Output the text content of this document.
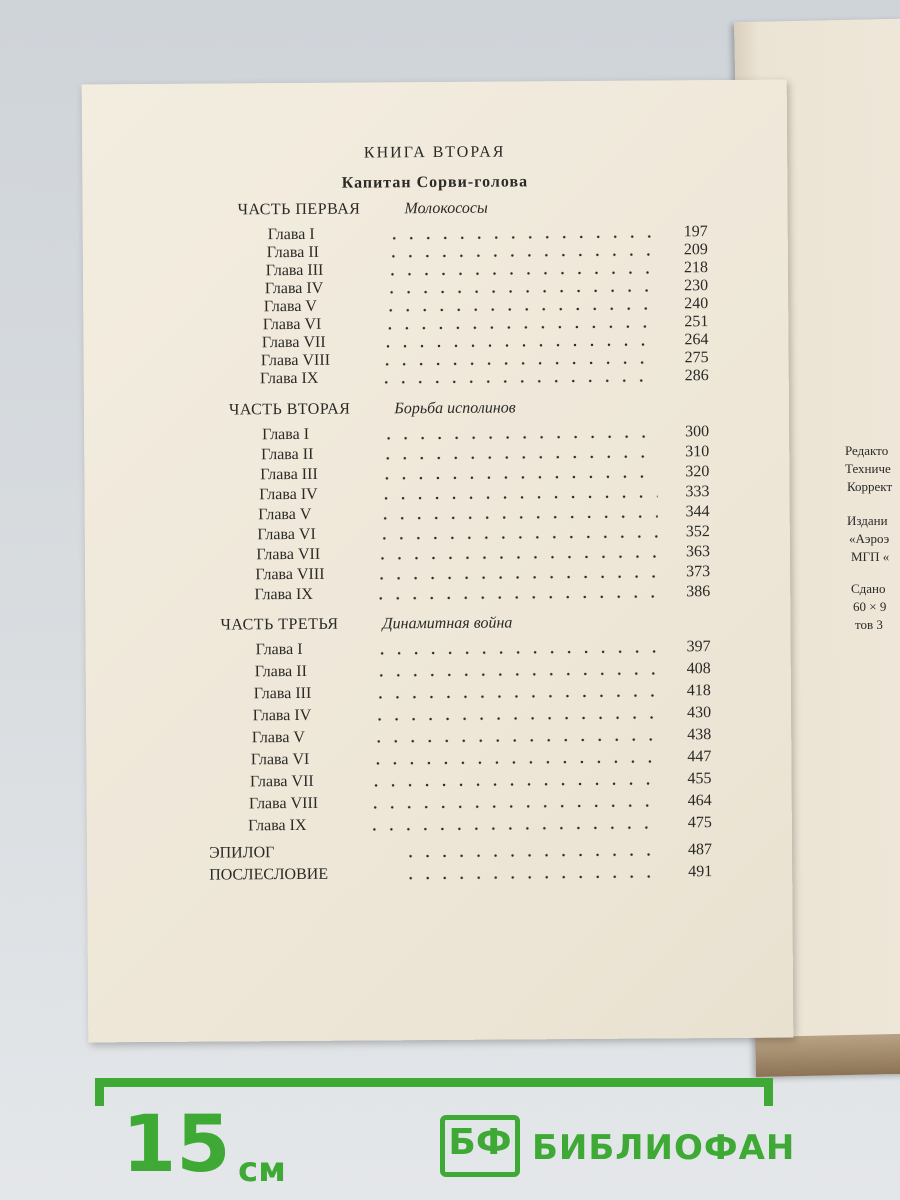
Редакто
Техниче
Коррект
Издани
«Аэроэ
МГП «
Сдано
60 × 9
тов 3
КНИГА ВТОРАЯ
Капитан Сорви-голова
ЧАСТЬ ПЕРВАЯ	Молокососы
Глава I	197
Глава II	209
Глава III	218
Глава IV	230
Глава V	240
Глава VI	251
Глава VII	264
Глава VIII	275
Глава IX	286
ЧАСТЬ ВТОРАЯ	Борьба исполинов
Глава I	300
Глава II	310
Глава III	320
Глава IV	333
Глава V	344
Глава VI	352
Глава VII	363
Глава VIII	373
Глава IX	386
ЧАСТЬ ТРЕТЬЯ	Динамитная война
Глава I	397
Глава II	408
Глава III	418
Глава IV	430
Глава V	438
Глава VI	447
Глава VII	455
Глава VIII	464
Глава IX	475
ЭПИЛОГ	487
ПОСЛЕСЛОВИЕ	491
15 см
БФ БИБЛИОФАН
